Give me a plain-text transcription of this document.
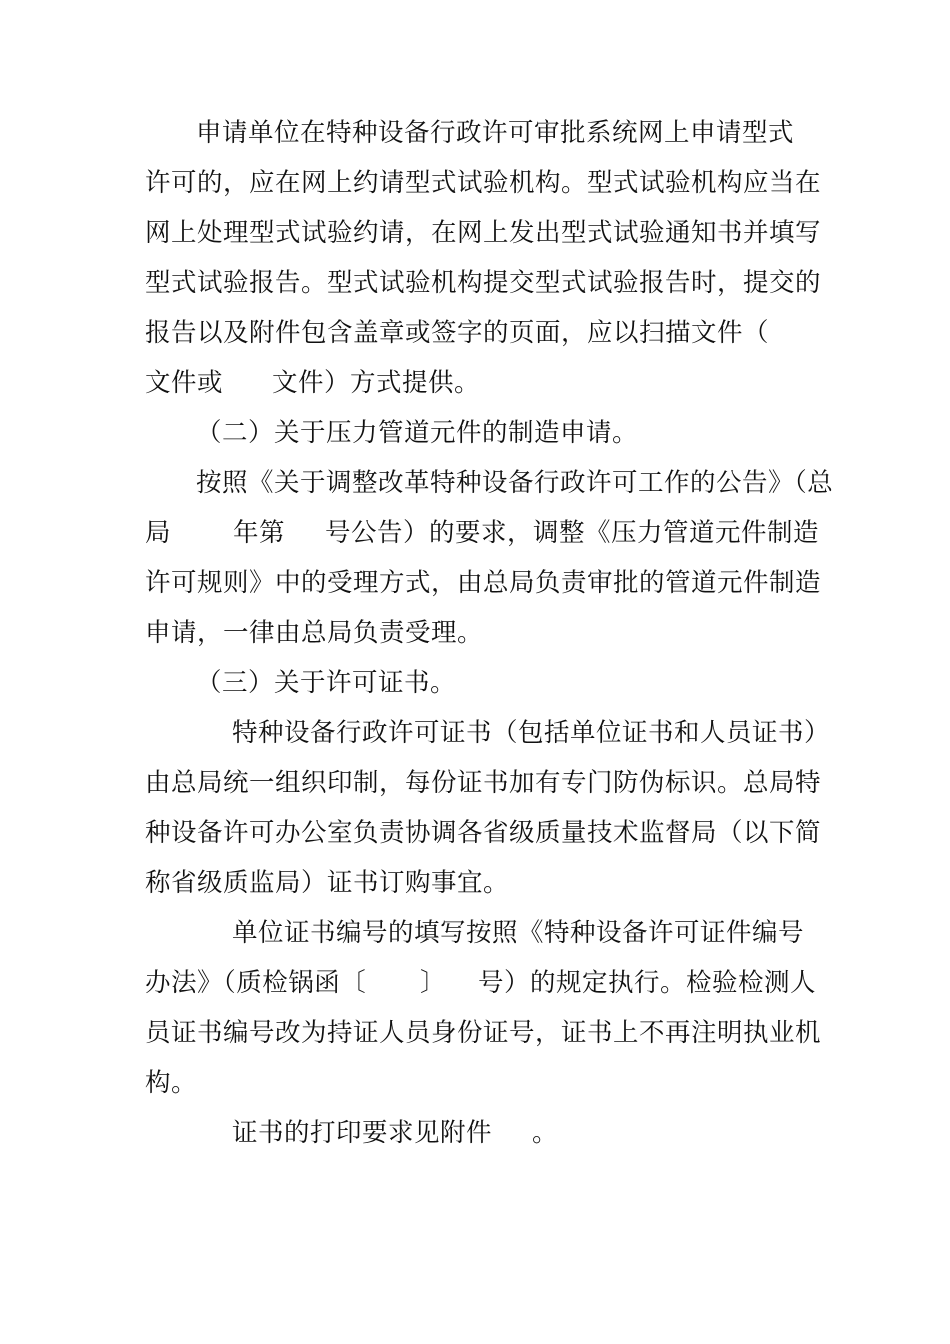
申请单位在特种设备行政许可审批系统网上申请型式
许可的，应在网上约请型式试验机构。型式试验机构应当在
网上处理型式试验约请，在网上发出型式试验通知书并填写
型式试验报告。型式试验机构提交型式试验报告时，提交的
报告以及附件包含盖章或签字的页面，应以扫描文件（
文件或 文件）方式提供。
（二）关于压力管道元件的制造申请。
按照《关于调整改革特种设备行政许可工作的公告》（总
局 年第 号公告）的要求，调整《压力管道元件制造
许可规则》中的受理方式，由总局负责审批的管道元件制造
申请，一律由总局负责受理。
（三）关于许可证书。
特种设备行政许可证书（包括单位证书和人员证书）
由总局统一组织印制，每份证书加有专门防伪标识。总局特
种设备许可办公室负责协调各省级质量技术监督局（以下简
称省级质监局）证书订购事宜。
单位证书编号的填写按照《特种设备许可证件编号
办法》（质检锅函〔 〕 号）的规定执行。检验检测人
员证书编号改为持证人员身份证号，证书上不再注明执业机
构。
证书的打印要求见附件 。
